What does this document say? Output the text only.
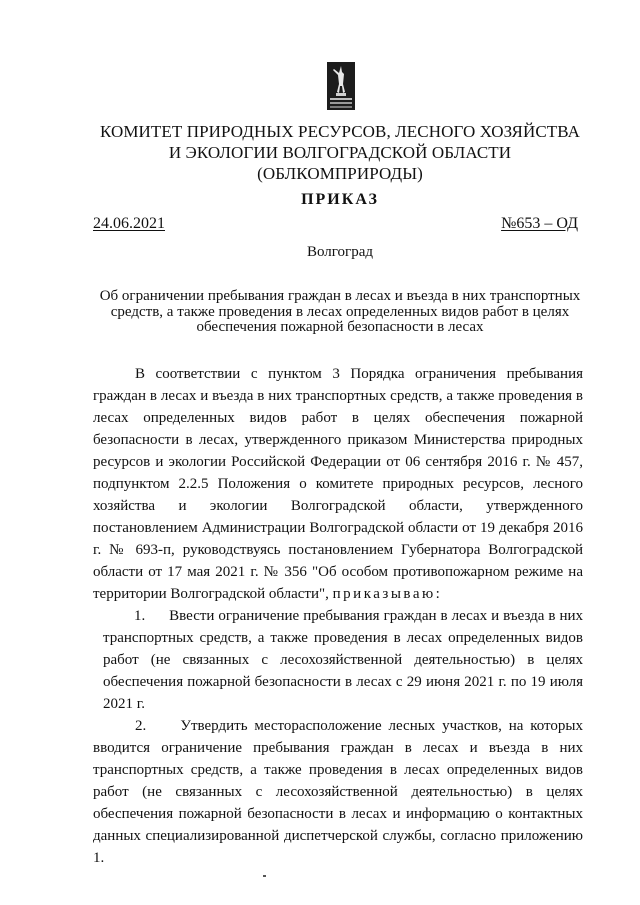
КОМИТЕТ ПРИРОДНЫХ РЕСУРСОВ, ЛЕСНОГО ХОЗЯЙСТВА
И ЭКОЛОГИИ ВОЛГОГРАДСКОЙ ОБЛАСТИ
(ОБЛКОМПРИРОДЫ)
ПРИКАЗ
24.06.2021	№653 – ОД
Волгоград
Об ограничении пребывания граждан в лесах и въезда в них транспортных
средств, а также проведения в лесах определенных видов работ в целях
обеспечения пожарной безопасности в лесах

В соответствии с пунктом 3 Порядка ограничения пребывания граждан в лесах и въезда в них транспортных средств, а также проведения в лесах определенных видов работ в целях обеспечения пожарной безопасности в лесах, утвержденного приказом Министерства природных ресурсов и экологии Российской Федерации от 06 сентября 2016 г. № 457, подпунктом 2.2.5 Положения о комитете природных ресурсов, лесного хозяйства и экологии Волгоградской области, утвержденного постановлением Администрации Волгоградской области от 19 декабря 2016 г. № 693-п, руководствуясь постановлением Губернатора Волгоградской области от 17 мая 2021 г. № 356 "Об особом противопожарном режиме на территории Волгоградской области", приказываю:

1. Ввести ограничение пребывания граждан в лесах и въезда в них транспортных средств, а также проведения в лесах определенных видов работ (не связанных с лесохозяйственной деятельностью) в целях обеспечения пожарной безопасности в лесах с 29 июня 2021 г. по 19 июля 2021 г.

2. Утвердить месторасположение лесных участков, на которых вводится ограничение пребывания граждан в лесах и въезда в них транспортных средств, а также проведения в лесах определенных видов работ (не связанных с лесохозяйственной деятельностью) в целях обеспечения пожарной безопасности в лесах и информацию о контактных данных специализированной диспетчерской службы, согласно приложению 1.
